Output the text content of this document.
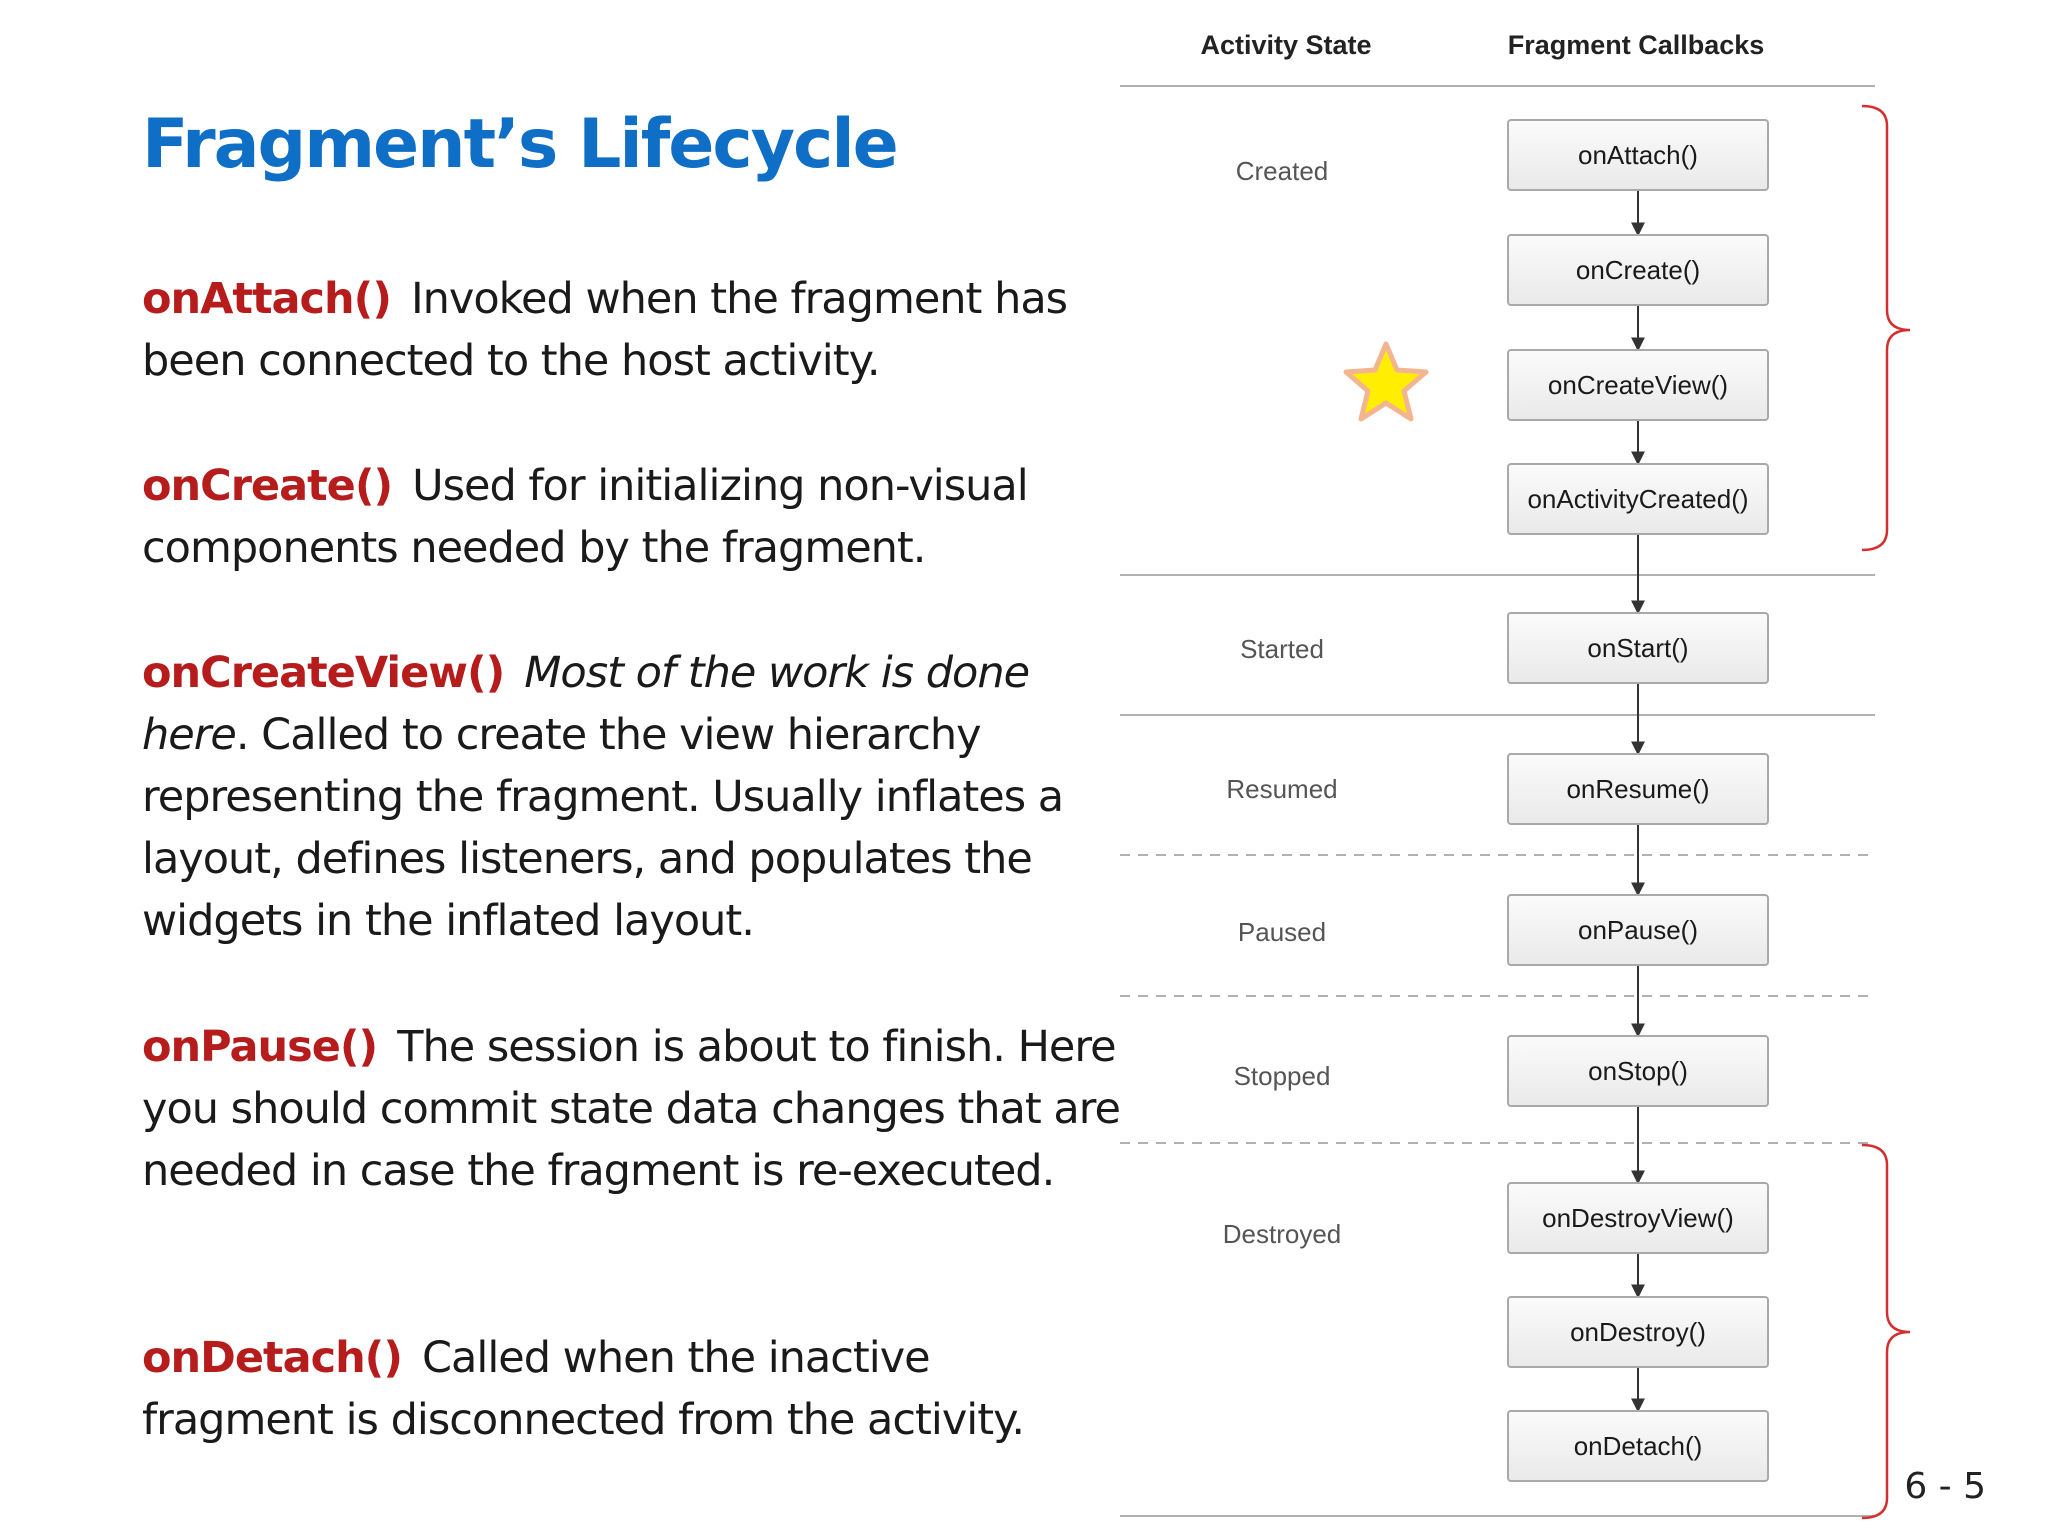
Fragment’s Lifecycle

onAttach() Invoked when the fragment has been connected to the host activity.

onCreate() Used for initializing non-visual components needed by the fragment.

onCreateView() Most of the work is done here. Called to create the view hierarchy representing the fragment. Usually inflates a layout, defines listeners, and populates the widgets in the inflated layout.

onPause() The session is about to finish. Here you should commit state data changes that are needed in case the fragment is re-executed.

onDetach() Called when the inactive fragment is disconnected from the activity.

Activity State	Fragment Callbacks
Created
Started
Resumed
Paused
Stopped
Destroyed
onAttach()
onCreate()
onCreateView()
onActivityCreated()
onStart()
onResume()
onPause()
onStop()
onDestroyView()
onDestroy()
onDetach()
6 - 5
